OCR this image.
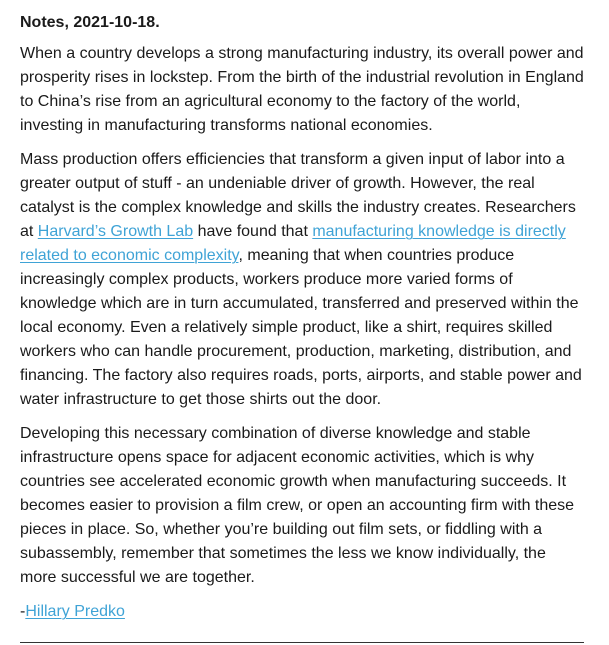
Notes, 2021-10-18.

When a country develops a strong manufacturing industry, its overall power and prosperity rises in lockstep. From the birth of the industrial revolution in England to China’s rise from an agricultural economy to the factory of the world, investing in manufacturing transforms national economies.

Mass production offers efficiencies that transform a given input of labor into a greater output of stuff - an undeniable driver of growth. However, the real catalyst is the complex knowledge and skills the industry creates. Researchers at Harvard’s Growth Lab have found that manufacturing knowledge is directly related to economic complexity, meaning that when countries produce increasingly complex products, workers produce more varied forms of knowledge which are in turn accumulated, transferred and preserved within the local economy. Even a relatively simple product, like a shirt, requires skilled workers who can handle procurement, production, marketing, distribution, and financing. The factory also requires roads, ports, airports, and stable power and water infrastructure to get those shirts out the door.

Developing this necessary combination of diverse knowledge and stable infrastructure opens space for adjacent economic activities, which is why countries see accelerated economic growth when manufacturing succeeds. It becomes easier to provision a film crew, or open an accounting firm with these pieces in place. So, whether you’re building out film sets, or fiddling with a subassembly, remember that sometimes the less we know individually, the more successful we are together.

-Hillary Predko
